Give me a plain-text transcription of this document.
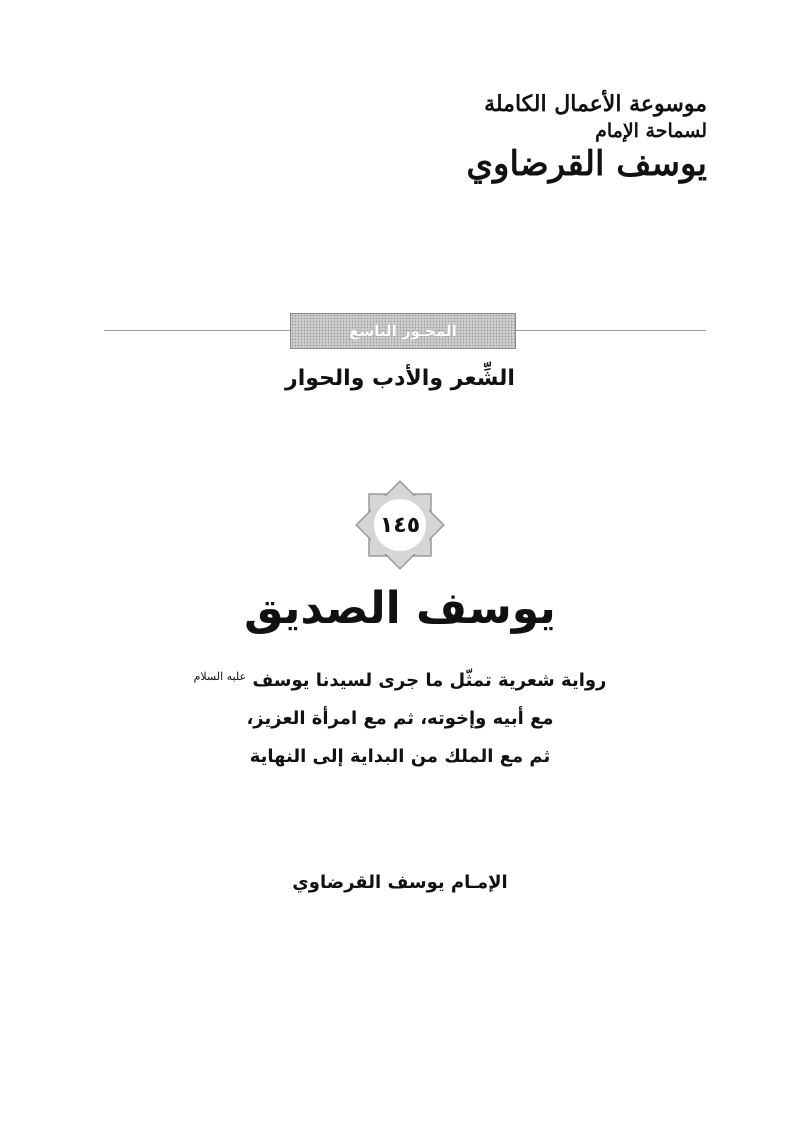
موسوعة الأعمال الكاملة
لسماحة الإمام
يوسف القرضاوي
المحـور التاسع
الشِّعر والأدب والحوار
١٤٥
يوسف الصديق
رواية شعرية تمثّل ما جرى لسيدنا يوسف $^{عليه السلام}$
مع أبيه وإخوته، ثم مع امرأة العزيز،
ثم مع الملك من البداية إلى النهاية
الإمـام يوسف القرضاوي
